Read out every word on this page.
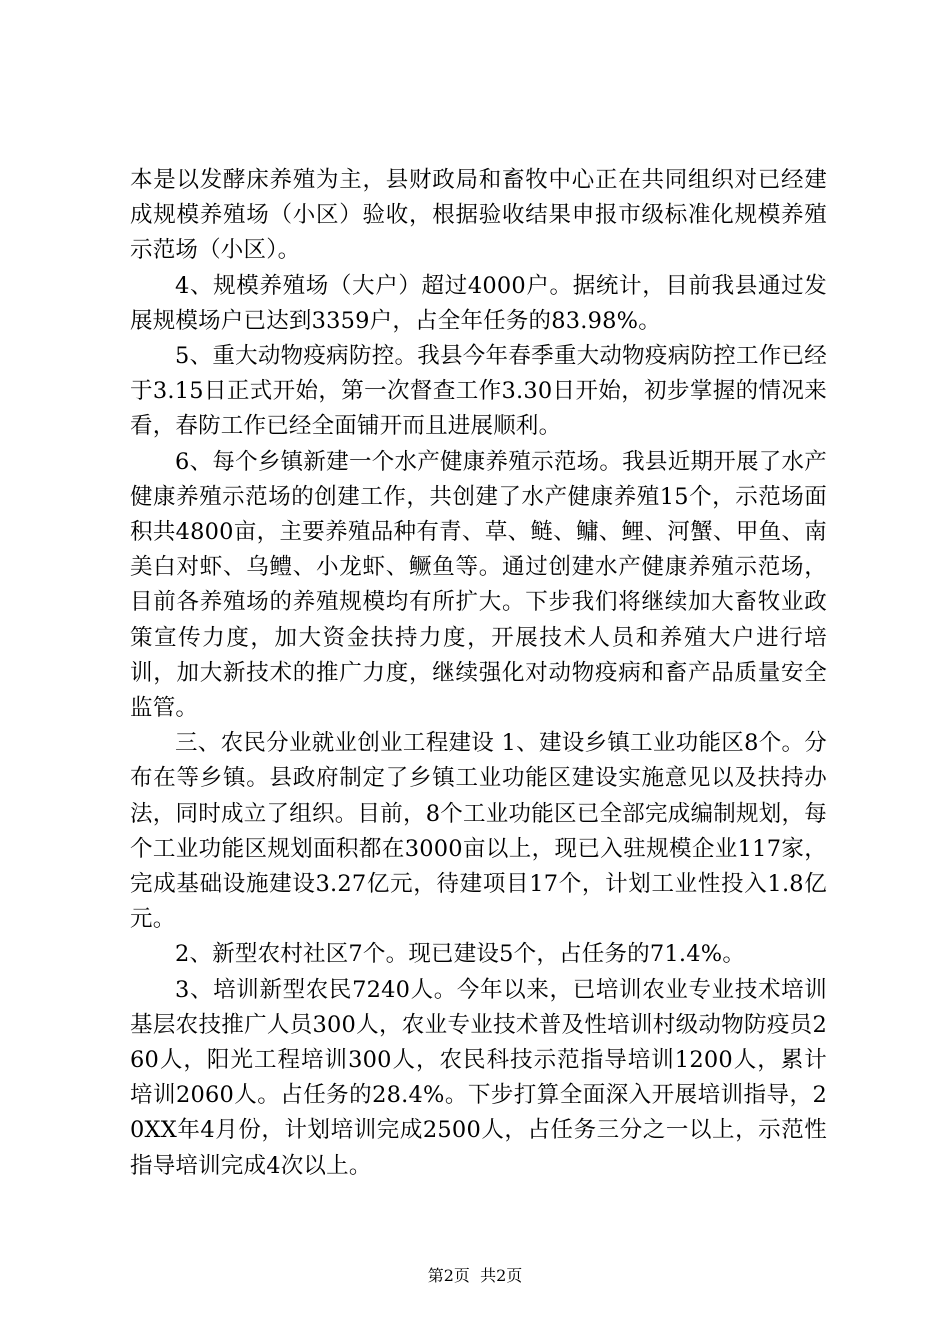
本是以发酵床养殖为主，县财政局和畜牧中心正在共同组织对已经建成规模养殖场（小区）验收，根据验收结果申报市级标准化规模养殖示范场（小区）。

4、规模养殖场（大户）超过4000户。据统计，目前我县通过发展规模场户已达到3359户，占全年任务的83.98%。

5、重大动物疫病防控。我县今年春季重大动物疫病防控工作已经于3.15日正式开始，第一次督查工作3.30日开始，初步掌握的情况来看，春防工作已经全面铺开而且进展顺利。

6、每个乡镇新建一个水产健康养殖示范场。我县近期开展了水产健康养殖示范场的创建工作，共创建了水产健康养殖15个，示范场面积共4800亩，主要养殖品种有青、草、鲢、鳙、鲤、河蟹、甲鱼、南美白对虾、乌鳢、小龙虾、鳜鱼等。通过创建水产健康养殖示范场，目前各养殖场的养殖规模均有所扩大。下步我们将继续加大畜牧业政策宣传力度，加大资金扶持力度，开展技术人员和养殖大户进行培训，加大新技术的推广力度，继续强化对动物疫病和畜产品质量安全监管。

三、农民分业就业创业工程建设 1、建设乡镇工业功能区8个。分布在等乡镇。县政府制定了乡镇工业功能区建设实施意见以及扶持办法，同时成立了组织。目前，8个工业功能区已全部完成编制规划，每个工业功能区规划面积都在3000亩以上，现已入驻规模企业117家，完成基础设施建设3.27亿元，待建项目17个，计划工业性投入1.8亿元。

2、新型农村社区7个。现已建设5个，占任务的71.4%。

3、培训新型农民7240人。今年以来，已培训农业专业技术培训基层农技推广人员300人，农业专业技术普及性培训村级动物防疫员260人，阳光工程培训300人，农民科技示范指导培训1200人，累计培训2060人。占任务的28.4%。下步打算全面深入开展培训指导，20XX年4月份，计划培训完成2500人，占任务三分之一以上，示范性指导培训完成4次以上。

第2页  共2页
